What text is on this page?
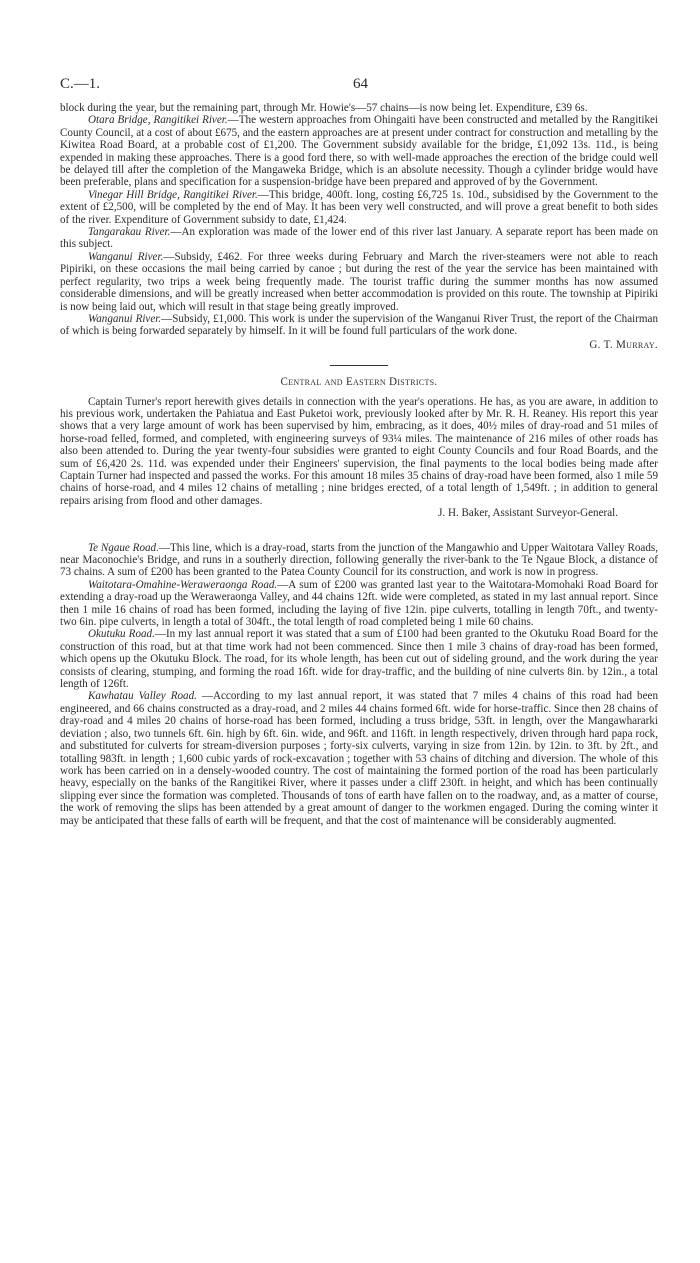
C.—1.	64

block during the year, but the remaining part, through Mr. Howie's—57 chains—is now being let. Expenditure, £39 6s.

Otara Bridge, Rangitikei River.—The western approaches from Ohingaiti have been constructed and metalled by the Rangitikei County Council, at a cost of about £675, and the eastern approaches are at present under contract for construction and metalling by the Kiwitea Road Board, at a probable cost of £1,200. The Government subsidy available for the bridge, £1,092 13s. 11d., is being expended in making these approaches. There is a good ford there, so with well-made approaches the erection of the bridge could well be delayed till after the completion of the Mangaweka Bridge, which is an absolute necessity. Though a cylinder bridge would have been preferable, plans and specification for a suspension-bridge have been prepared and approved of by the Government.

Vinegar Hill Bridge, Rangitikei River.—This bridge, 400ft. long, costing £6,725 1s. 10d., subsidised by the Government to the extent of £2,500, will be completed by the end of May. It has been very well constructed, and will prove a great benefit to both sides of the river. Expenditure of Government subsidy to date, £1,424.

Tangarakau River.—An exploration was made of the lower end of this river last January. A separate report has been made on this subject.

Wanganui River.—Subsidy, £462. For three weeks during February and March the river-steamers were not able to reach Pipiriki, on these occasions the mail being carried by canoe ; but during the rest of the year the service has been maintained with perfect regularity, two trips a week being frequently made. The tourist traffic during the summer months has now assumed considerable dimensions, and will be greatly increased when better accommodation is provided on this route. The township at Pipiriki is now being laid out, which will result in that stage being greatly improved.

Wanganui River.—Subsidy, £1,000. This work is under the supervision of the Wanganui River Trust, the report of the Chairman of which is being forwarded separately by himself. In it will be found full particulars of the work done.

G. T. Murray.

Central and Eastern Districts.

Captain Turner's report herewith gives details in connection with the year's operations. He has, as you are aware, in addition to his previous work, undertaken the Pahiatua and East Puketoi work, previously looked after by Mr. R. H. Reaney. His report this year shows that a very large amount of work has been supervised by him, embracing, as it does, 40½ miles of dray-road and 51 miles of horse-road felled, formed, and completed, with engineering surveys of 93¼ miles. The maintenance of 216 miles of other roads has also been attended to. During the year twenty-four subsidies were granted to eight County Councils and four Road Boards, and the sum of £6,420 2s. 11d. was expended under their Engineers' supervision, the final payments to the local bodies being made after Captain Turner had inspected and passed the works. For this amount 18 miles 35 chains of dray-road have been formed, also 1 mile 59 chains of horse-road, and 4 miles 12 chains of metalling ; nine bridges erected, of a total length of 1,549ft. ; in addition to general repairs arising from flood and other damages.

J. H. Baker, Assistant Surveyor-General.

Te Ngaue Road.—This line, which is a dray-road, starts from the junction of the Mangawhio and Upper Waitotara Valley Roads, near Maconochie's Bridge, and runs in a southerly direction, following generally the river-bank to the Te Ngaue Block, a distance of 73 chains. A sum of £200 has been granted to the Patea County Council for its construction, and work is now in progress.

Waitotara-Omahine-Weraweraonga Road.—A sum of £200 was granted last year to the Waitotara-Momohaki Road Board for extending a dray-road up the Weraweraonga Valley, and 44 chains 12ft. wide were completed, as stated in my last annual report. Since then 1 mile 16 chains of road has been formed, including the laying of five 12in. pipe culverts, totalling in length 70ft., and twenty-two 6in. pipe culverts, in length a total of 304ft., the total length of road completed being 1 mile 60 chains.

Okutuku Road.—In my last annual report it was stated that a sum of £100 had been granted to the Okutuku Road Board for the construction of this road, but at that time work had not been commenced. Since then 1 mile 3 chains of dray-road has been formed, which opens up the Okutuku Block. The road, for its whole length, has been cut out of sideling ground, and the work during the year consists of clearing, stumping, and forming the road 16ft. wide for dray-traffic, and the building of nine culverts 8in. by 12in., a total length of 126ft.

Kawhatau Valley Road. —According to my last annual report, it was stated that 7 miles 4 chains of this road had been engineered, and 66 chains constructed as a dray-road, and 2 miles 44 chains formed 6ft. wide for horse-traffic. Since then 28 chains of dray-road and 4 miles 20 chains of horse-road has been formed, including a truss bridge, 53ft. in length, over the Mangawhararki deviation ; also, two tunnels 6ft. 6in. high by 6ft. 6in. wide, and 96ft. and 116ft. in length respectively, driven through hard papa rock, and substituted for culverts for stream-diversion purposes ; forty-six culverts, varying in size from 12in. by 12in. to 3ft. by 2ft., and totalling 983ft. in length ; 1,600 cubic yards of rock-excavation ; together with 53 chains of ditching and diversion. The whole of this work has been carried on in a densely-wooded country. The cost of maintaining the formed portion of the road has been particularly heavy, especially on the banks of the Rangitikei River, where it passes under a cliff 230ft. in height, and which has been continually slipping ever since the formation was completed. Thousands of tons of earth have fallen on to the roadway, and, as a matter of course, the work of removing the slips has been attended by a great amount of danger to the workmen engaged. During the coming winter it may be anticipated that these falls of earth will be frequent, and that the cost of maintenance will be considerably augmented.
